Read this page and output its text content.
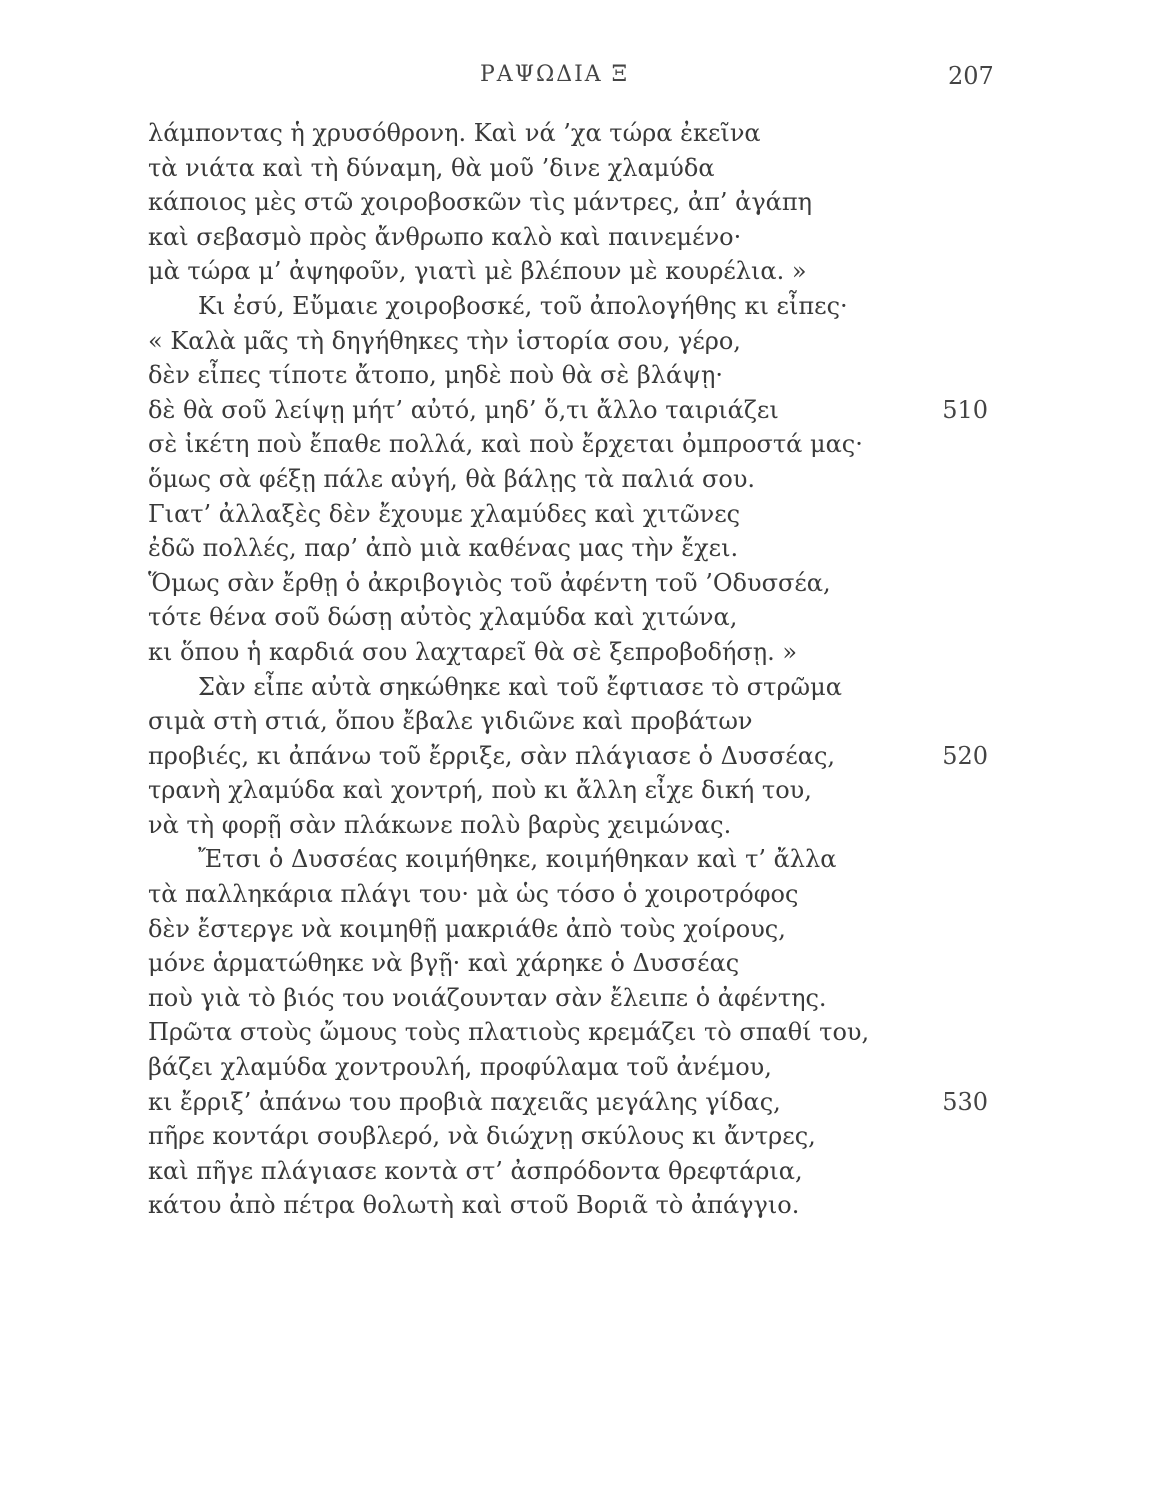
ΡΑΨΩΔΙΑ Ξ	207
λάμποντας ἡ χρυσόθρονη. Καὶ νά ’χα τώρα ἐκεῖνα
τὰ νιάτα καὶ τὴ δύναμη, θὰ μοῦ ’δινε χλαμύδα
κάποιος μὲς στῶ χοιροβοσκῶν τὶς μάντρες, ἀπ’ ἀγάπη
καὶ σεβασμὸ πρὸς ἄνθρωπο καλὸ καὶ παινεμένο·
μὰ τώρα μ’ ἀψηφοῦν, γιατὶ μὲ βλέπουν μὲ κουρέλια. »
Κι ἐσύ, Εὔμαιε χοιροβοσκέ, τοῦ ἀπολογήθης κι εἶπες·
« Καλὰ μᾶς τὴ δηγήθηκες τὴν ἱστορία σου, γέρο,
δὲν εἶπες τίποτε ἄτοπο, μηδὲ ποὺ θὰ σὲ βλάψῃ·
δὲ θὰ σοῦ λείψῃ μήτ’ αὐτό, μηδ’ ὅ,τι ἄλλο ταιριάζει	510
σὲ ἱκέτη ποὺ ἔπαθε πολλά, καὶ ποὺ ἔρχεται ὀμπροστά μας·
ὅμως σὰ φέξῃ πάλε αὐγή, θὰ βάλῃς τὰ παλιά σου.
Γιατ’ ἀλλαξὲς δὲν ἔχουμε χλαμύδες καὶ χιτῶνες
ἐδῶ πολλές, παρ’ ἀπὸ μιὰ καθένας μας τὴν ἔχει.
Ὅμως σὰν ἔρθῃ ὁ ἀκριβογιὸς τοῦ ἀφέντη τοῦ ’Οδυσσέα,
τότε θένα σοῦ δώσῃ αὐτὸς χλαμύδα καὶ χιτώνα,
κι ὅπου ἡ καρδιά σου λαχταρεῖ θὰ σὲ ξεπροβοδήσῃ. »
Σὰν εἶπε αὐτὰ σηκώθηκε καὶ τοῦ ἔφτιασε τὸ στρῶμα
σιμὰ στὴ στιά, ὅπου ἔβαλε γιδιῶνε καὶ προβάτων
προβιές, κι ἀπάνω τοῦ ἔρριξε, σὰν πλάγιασε ὁ Δυσσέας,	520
τρανὴ χλαμύδα καὶ χοντρή, ποὺ κι ἄλλη εἶχε δική του,
νὰ τὴ φορῇ σὰν πλάκωνε πολὺ βαρὺς χειμώνας.
Ἔτσι ὁ Δυσσέας κοιμήθηκε, κοιμήθηκαν καὶ τ’ ἄλλα
τὰ παλληκάρια πλάγι του· μὰ ὡς τόσο ὁ χοιροτρόφος
δὲν ἔστεργε νὰ κοιμηθῇ μακριάθε ἀπὸ τοὺς χοίρους,
μόνε ἁρματώθηκε νὰ βγῇ· καὶ χάρηκε ὁ Δυσσέας
ποὺ γιὰ τὸ βιός του νοιάζουνταν σὰν ἔλειπε ὁ ἀφέντης.
Πρῶτα στοὺς ὤμους τοὺς πλατιοὺς κρεμάζει τὸ σπαθί του,
βάζει χλαμύδα χοντρουλή, προφύλαμα τοῦ ἀνέμου,
κι ἔρριξ’ ἀπάνω του προβιὰ παχειᾶς μεγάλης γίδας,	530
πῆρε κοντάρι σουβλερό, νὰ διώχνῃ σκύλους κι ἄντρες,
καὶ πῆγε πλάγιασε κοντὰ στ’ ἀσπρόδοντα θρεφτάρια,
κάτου ἀπὸ πέτρα θολωτὴ καὶ στοῦ Βοριᾶ τὸ ἀπάγγιο.
